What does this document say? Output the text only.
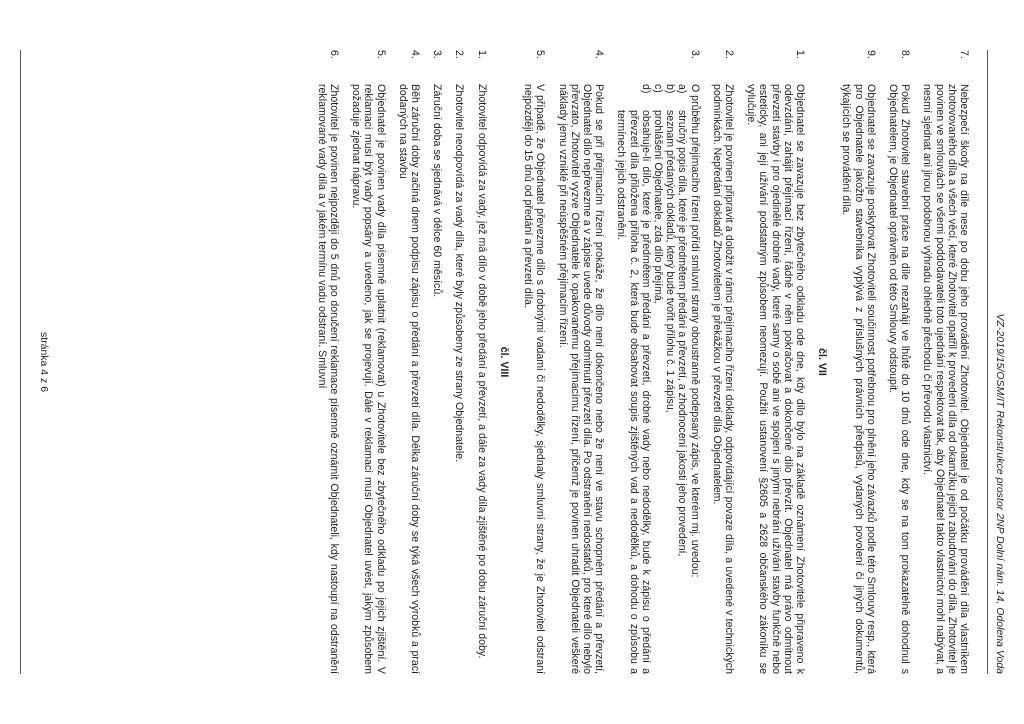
VZ-2019/15/OSM/IT Rekonstrukce prostor 2NP Dolní nám. 14, Odolena Voda
7.
Nebezpečí škody na díle nese po dobu jeho provádění Zhotovitel. Objednatel je od počátku provádění díla vlastníkem zhotovovaného díla a všech věcí, které Zhotovitel opatřil k provedení díla od okamžiku jejich zabudování do díla. Zhotovitel je povinen ve smlouvách se všemi poddodavateli toto ujednání respektovat tak, aby Objednatel takto vlastnictví mohl nabývat, a nesmí sjednat ani jinou podobnou výhradu ohledně přechodu či převodu vlastnictví.
8.
Pokud Zhotovitel stavební práce na díle nezahájí ve lhůtě do 10 dnů ode dne, kdy se na tom prokazatelně dohodnul s Objednatelem, je Objednatel oprávněn od této Smlouvy odstoupit.
9.
Objednatel se zavazuje poskytovat Zhotoviteli součinnost potřebnou pro plnění jeho závazků podle této Smlouvy resp., která pro Objednatele jakožto stavebníka vyplývá z příslušných právních předpisů, vydaných povolení či jiných dokumentů, týkajících se provádění díla.
čl. VII
1.
Objednatel se zavazuje bez zbytečného odkladu ode dne, kdy dílo bylo na základě oznámení Zhotovitele připraveno k odevzdání, zahájit přejímací řízení, řádně v něm pokračovat a dokončené dílo převzít. Objednatel má právo odmítnout převzetí stavby i pro ojedinělé drobné vady, které samy o sobě ani ve spojení s jinými nebrání užívání stavby funkčně nebo esteticky, ani její užívání podstatným způsobem neomezují. Použití ustanovení §2605 a 2628 občanského zákoníku se vylučuje.
2.
Zhotovitel je povinen připravit a doložit v rámci přejímacího řízení doklady, odpovídající povaze díla, a uvedené v technických podmínkách. Nepředání dokladů Zhotovitelem je překážkou v převzetí díla Objednatelem.
3.
O průběhu přejímacího řízení pořídí smluvní strany oboustranně podepsaný zápis, ve kterém mj. uvedou:
a)
stručný popis díla, které je předmětem předání a převzetí, a zhodnocení jakosti jeho provedení,
b)
seznam předaných dokladů, který bude tvořit přílohu č. 1 zápisu,
c)
prohlášení Objednatele, zda dílo přejímá,
d)
obsahuje-li dílo, které je předmětem předání a převzetí, drobné vady nebo nedodělky, bude k zápisu o předání a převzetí díla přiložena příloha č. 2, která bude obsahovat soupis zjištěných vad a nedodělků, a dohodu o způsobu a termínech jejich odstranění.
4.
Pokud se při přejímacím řízení prokáže, že dílo není dokončeno nebo že není ve stavu schopném předání a převzetí, Objednatel dílo nepřevezme a v zápise uvede důvody odmítnutí převzetí díla. Po odstranění nedostatků, pro které dílo nebylo převzato, Zhotovitel vyzve Objednatele k opakovanému přejímacímu řízení, přičemž je povinen uhradit Objednateli veškeré náklady jemu vzniklé při neúspěšném přejímacím řízení.
5.
V případě, že Objednatel převezme dílo s drobnými vadami či nedodělky, sjednaly smluvní strany, že je Zhotovitel odstraní nejpozději do 15 dnů od předání a převzetí díla.
čl. VIII
1.
Zhotovitel odpovídá za vady, jež má dílo v době jeho předání a převzetí, a dále za vady díla zjištěné po dobu záruční doby.
2.
Zhotovitel neodpovídá za vady díla, které byly způsobeny ze strany Objednatele.
3.
Záruční doba se sjednává v délce 60 měsíců.
4.
Běh záruční doby začíná dnem podpisu zápisu o předání a převzetí díla. Délka záruční doby se týká všech výrobků a prací dodaných na stavbu
5.
Objednatel je povinen vady díla písemně uplatnit (reklamovat) u Zhotovitele bez zbytečného odkladu po jejich zjištění. V reklamaci musí být vady popsány a uvedeno, jak se projevují. Dále v reklamaci musí Objednatel uvést, jakým způsobem požaduje zjednat nápravu.
6.
Zhotovitel je povinen nejpozději do 5 dnů po doručení reklamace písemně oznámit Objednateli, kdy nastoupí na odstranění reklamované vady díla a v jakém termínu vadu odstraní. Smluvní
stránka 4 z 6
